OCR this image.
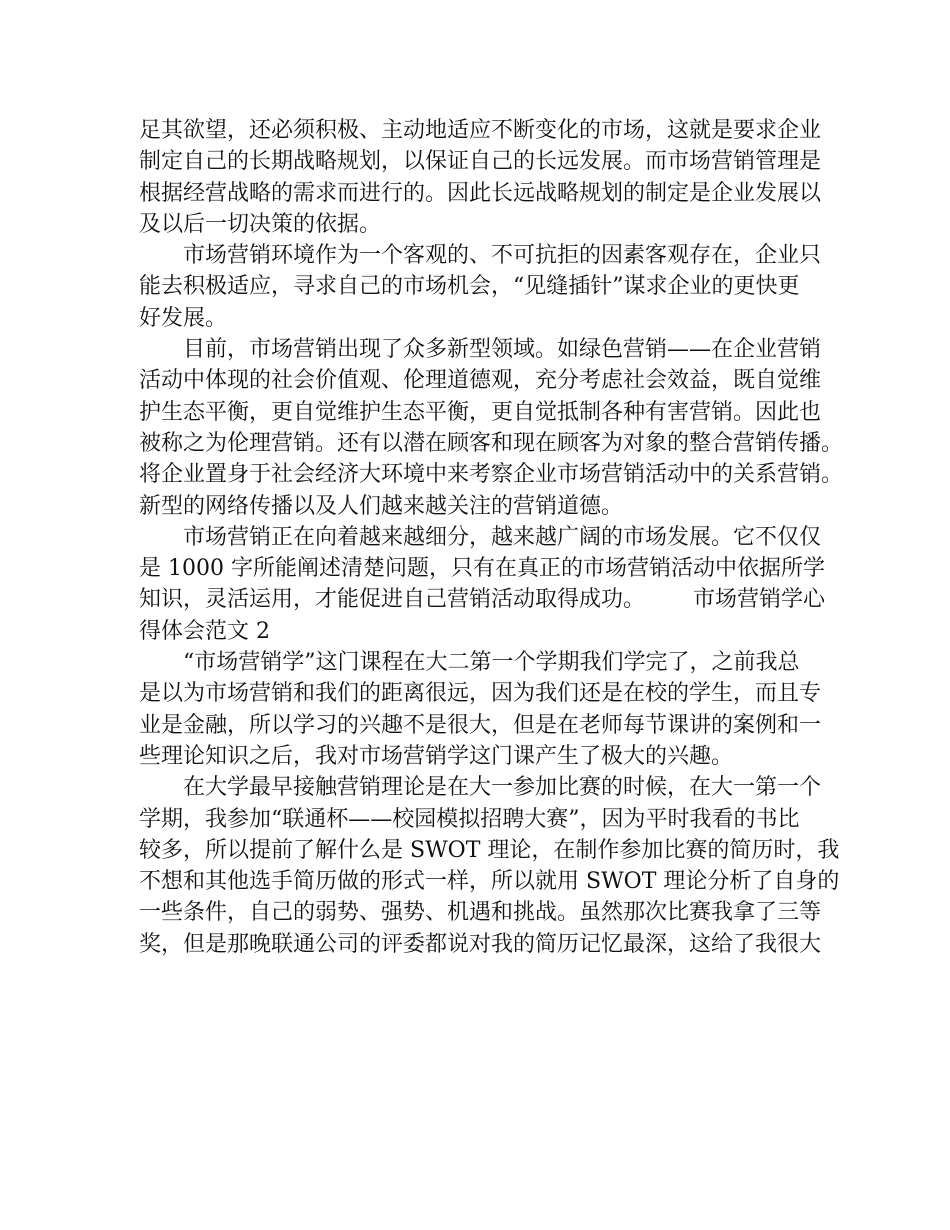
足其欲望，还必须积极、主动地适应不断变化的市场，这就是要求企业
制定自己的长期战略规划，以保证自己的长远发展。而市场营销管理是
根据经营战略的需求而进行的。因此长远战略规划的制定是企业发展以
及以后一切决策的依据。
市场营销环境作为一个客观的、不可抗拒的因素客观存在，企业只
能去积极适应，寻求自己的市场机会，“见缝插针”谋求企业的更快更
好发展。
目前，市场营销出现了众多新型领域。如绿色营销——在企业营销
活动中体现的社会价值观、伦理道德观，充分考虑社会效益，既自觉维
护生态平衡，更自觉维护生态平衡，更自觉抵制各种有害营销。因此也
被称之为伦理营销。还有以潜在顾客和现在顾客为对象的整合营销传播。
将企业置身于社会经济大环境中来考察企业市场营销活动中的关系营销。
新型的网络传播以及人们越来越关注的营销道德。
市场营销正在向着越来越细分，越来越广阔的市场发展。它不仅仅
是 1000 字所能阐述清楚问题，只有在真正的市场营销活动中依据所学
知识，灵活运用，才能促进自己营销活动取得成功。 市场营销学心
得体会范文 2
“市场营销学”这门课程在大二第一个学期我们学完了，之前我总
是以为市场营销和我们的距离很远，因为我们还是在校的学生，而且专
业是金融，所以学习的兴趣不是很大，但是在老师每节课讲的案例和一
些理论知识之后，我对市场营销学这门课产生了极大的兴趣。
在大学最早接触营销理论是在大一参加比赛的时候，在大一第一个
学期，我参加“联通杯——校园模拟招聘大赛”，因为平时我看的书比
较多，所以提前了解什么是 SWOT 理论，在制作参加比赛的简历时，我
不想和其他选手简历做的形式一样，所以就用 SWOT 理论分析了自身的
一些条件，自己的弱势、强势、机遇和挑战。虽然那次比赛我拿了三等
奖，但是那晚联通公司的评委都说对我的简历记忆最深，这给了我很大
